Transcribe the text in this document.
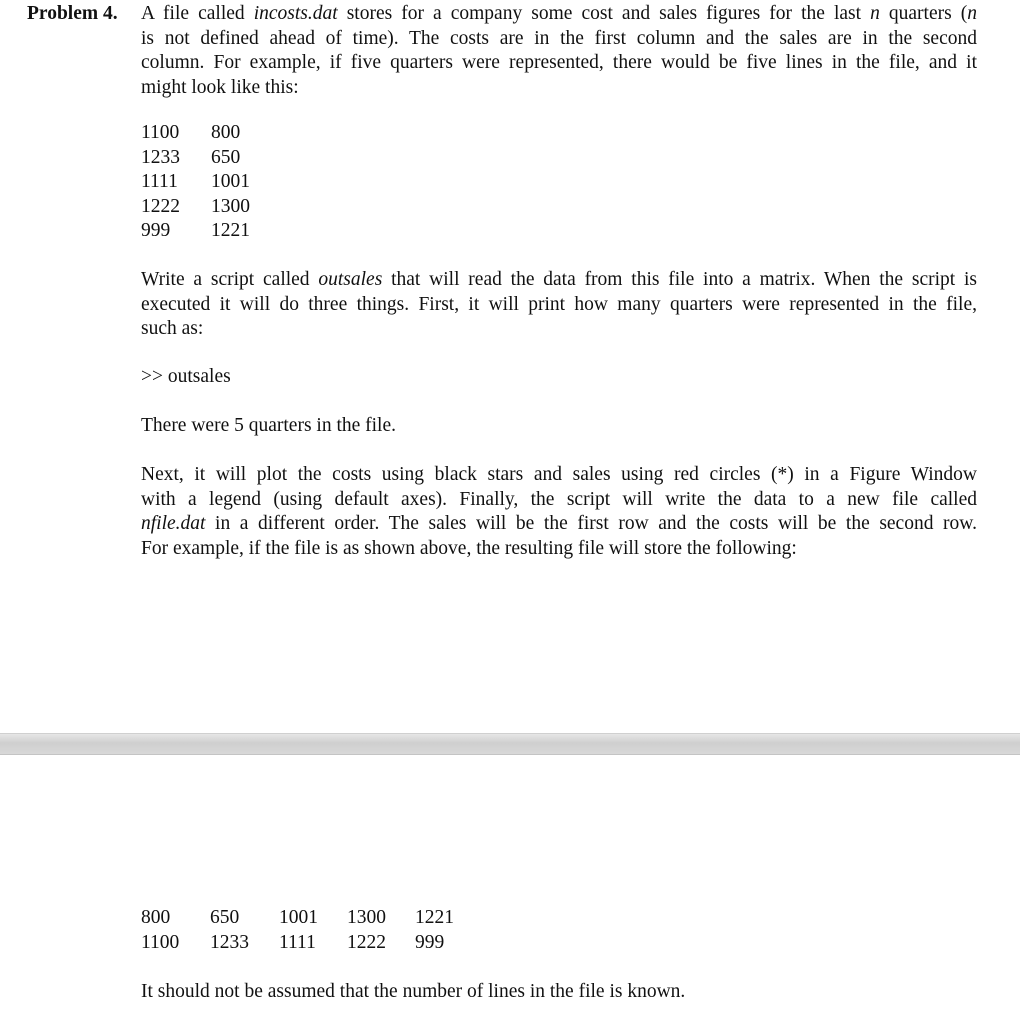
Problem 4. A file called incosts.dat stores for a company some cost and sales figures for the last n quarters (n
is not defined ahead of time). The costs are in the first column and the sales are in the second
column. For example, if five quarters were represented, there would be five lines in the file, and it
might look like this:
1100	800
1233	650
1111	1001
1222	1300
999	1221
Write a script called outsales that will read the data from this file into a matrix. When the script is
executed it will do three things. First, it will print how many quarters were represented in the file,
such as:
>> outsales
There were 5 quarters in the file.
Next, it will plot the costs using black stars and sales using red circles (*) in a Figure Window
with a legend (using default axes). Finally, the script will write the data to a new file called
nfile.dat in a different order. The sales will be the first row and the costs will be the second row.
For example, if the file is as shown above, the resulting file will store the following:
800	650	1001	1300	1221
1100	1233	1111	1222	999
It should not be assumed that the number of lines in the file is known.
